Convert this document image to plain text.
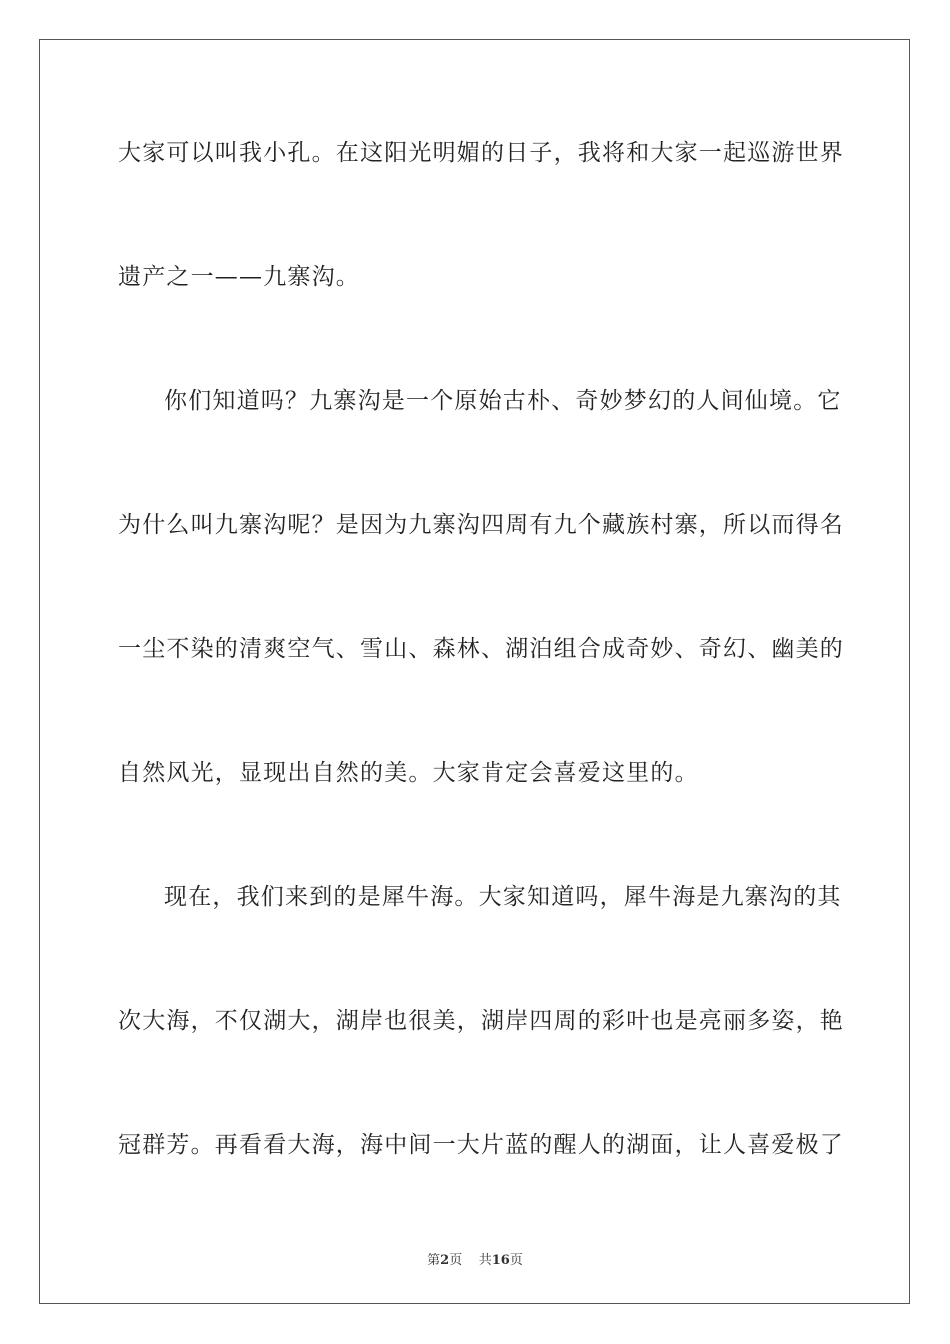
大家可以叫我小孔。在这阳光明媚的日子，我将和大家一起巡游世界
遗产之一——九寨沟。
你们知道吗？九寨沟是一个原始古朴、奇妙梦幻的人间仙境。它
为什么叫九寨沟呢？是因为九寨沟四周有九个藏族村寨，所以而得名
一尘不染的清爽空气、雪山、森林、湖泊组合成奇妙、奇幻、幽美的
自然风光，显现出自然的美。大家肯定会喜爱这里的。
现在，我们来到的是犀牛海。大家知道吗，犀牛海是九寨沟的其
次大海，不仅湖大，湖岸也很美，湖岸四周的彩叶也是亮丽多姿，艳
冠群芳。再看看大海，海中间一大片蓝的醒人的湖面，让人喜爱极了
第2页 共16页
